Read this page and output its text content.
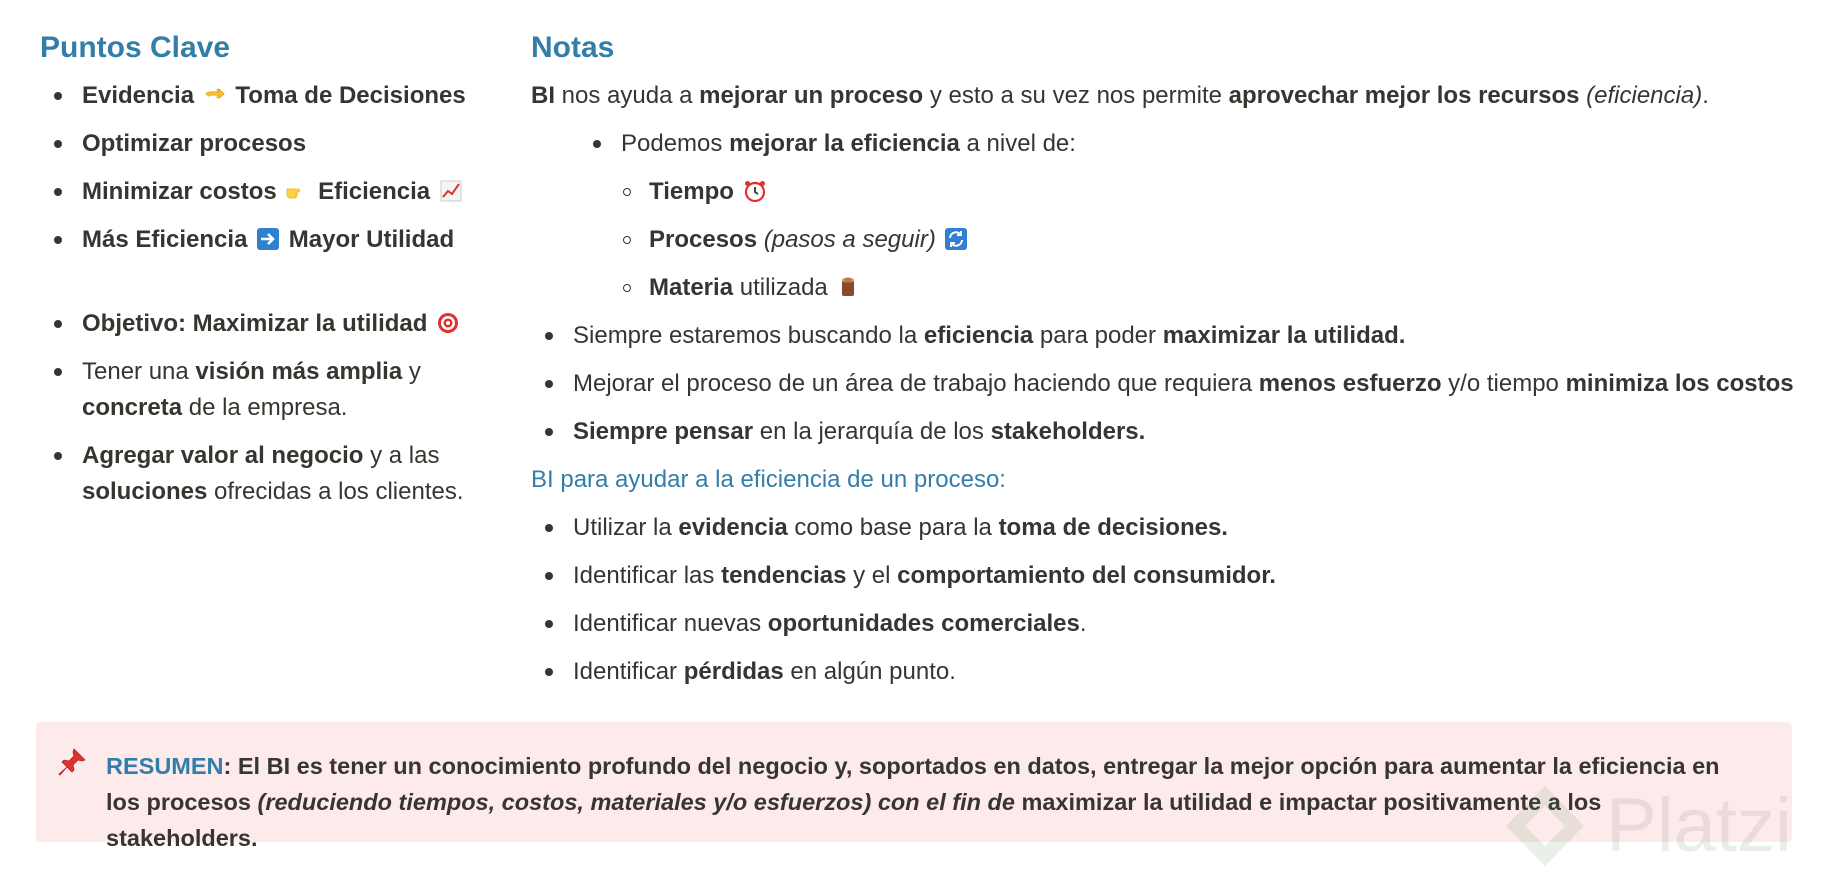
Puntos Clave
Evidencia Toma de Decisiones
Optimizar procesos
Minimizar costos Eficiencia
Más Eficiencia Mayor Utilidad
Objetivo: Maximizar la utilidad
Tener una visión más amplia y concreta de la empresa.
Agregar valor al negocio y a las soluciones ofrecidas a los clientes.
Notas
BI nos ayuda a mejorar un proceso y esto a su vez nos permite aprovechar mejor los recursos (eficiencia).
Podemos mejorar la eficiencia a nivel de:
Tiempo
Procesos (pasos a seguir)
Materia utilizada
Siempre estaremos buscando la eficiencia para poder maximizar la utilidad.
Mejorar el proceso de un área de trabajo haciendo que requiera menos esfuerzo y/o tiempo minimiza los costos
Siempre pensar en la jerarquía de los stakeholders.
BI para ayudar a la eficiencia de un proceso:
Utilizar la evidencia como base para la toma de decisiones.
Identificar las tendencias y el comportamiento del consumidor.
Identificar nuevas oportunidades comerciales.
Identificar pérdidas en algún punto.
RESUMEN: El BI es tener un conocimiento profundo del negocio y, soportados en datos, entregar la mejor opción para aumentar la eficiencia en los procesos (reduciendo tiempos, costos, materiales y/o esfuerzos) con el fin de maximizar la utilidad e impactar positivamente a los stakeholders.	Platzi
